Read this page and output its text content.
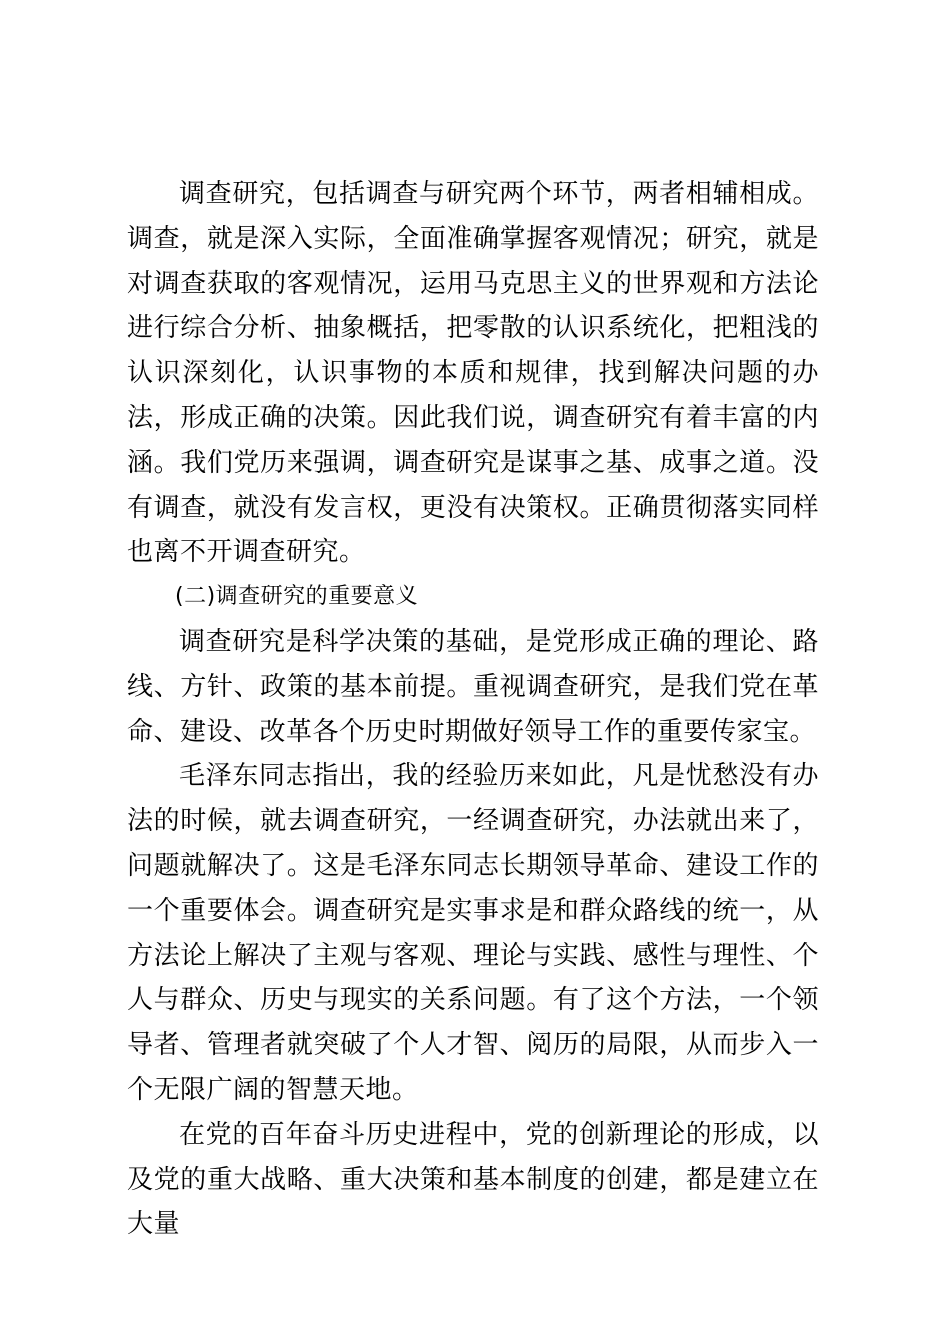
调查研究，包括调查与研究两个环节，两者相辅相成。调查，就是深入实际，全面准确掌握客观情况；研究，就是对调查获取的客观情况，运用马克思主义的世界观和方法论进行综合分析、抽象概括，把零散的认识系统化，把粗浅的认识深刻化，认识事物的本质和规律，找到解决问题的办法，形成正确的决策。因此我们说，调查研究有着丰富的内涵。我们党历来强调，调查研究是谋事之基、成事之道。没有调查，就没有发言权，更没有决策权。正确贯彻落实同样也离不开调查研究。

(二)调查研究的重要意义

调查研究是科学决策的基础，是党形成正确的理论、路线、方针、政策的基本前提。重视调查研究，是我们党在革命、建设、改革各个历史时期做好领导工作的重要传家宝。

毛泽东同志指出，我的经验历来如此，凡是忧愁没有办法的时候，就去调查研究，一经调查研究，办法就出来了，问题就解决了。这是毛泽东同志长期领导革命、建设工作的一个重要体会。调查研究是实事求是和群众路线的统一，从方法论上解决了主观与客观、理论与实践、感性与理性、个人与群众、历史与现实的关系问题。有了这个方法，一个领导者、管理者就突破了个人才智、阅历的局限，从而步入一个无限广阔的智慧天地。

在党的百年奋斗历史进程中，党的创新理论的形成，以及党的重大战略、重大决策和基本制度的创建，都是建立在大量
